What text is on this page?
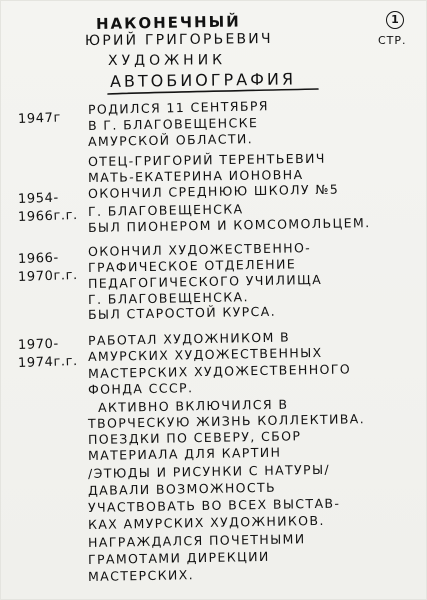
НАКОНЕЧНЫЙ
ЮРИЙ ГРИГОРЬЕВИЧ
ХУДОЖНИК
АВТОБИОГРАФИЯ
1
СТР.
1947г
РОДИЛСЯ 11 СЕНТЯБРЯ
В Г. БЛАГОВЕЩЕНСКЕ
АМУРСКОЙ ОБЛАСТИ.
ОТЕЦ-ГРИГОРИЙ ТЕРЕНТЬЕВИЧ
МАТЬ-ЕКАТЕРИНА ИОНОВНА
1954-
1966г.г.
ОКОНЧИЛ СРЕДНЮЮ ШКОЛУ №5
Г. БЛАГОВЕЩЕНСКА
БЫЛ ПИОНЕРОМ И КОМСОМОЛЬЦЕМ.
1966-
1970г.г.
ОКОНЧИЛ ХУДОЖЕСТВЕННО-
ГРАФИЧЕСКОЕ ОТДЕЛЕНИЕ
ПЕДАГОГИЧЕСКОГО УЧИЛИЩА
Г. БЛАГОВЕЩЕНСКА.
БЫЛ СТАРОСТОЙ КУРСА.
1970-
1974г.г.
РАБОТАЛ ХУДОЖНИКОМ В
АМУРСКИХ ХУДОЖЕСТВЕННЫХ
МАСТЕРСКИХ ХУДОЖЕСТВЕННОГО
ФОНДА СССР.
АКТИВНО ВКЛЮЧИЛСЯ В
ТВОРЧЕСКУЮ ЖИЗНЬ КОЛЛЕКТИВА.
ПОЕЗДКИ ПО СЕВЕРУ, СБОР
МАТЕРИАЛА ДЛЯ КАРТИН
/ЭТЮДЫ И РИСУНКИ С НАТУРЫ/
ДАВАЛИ ВОЗМОЖНОСТЬ
УЧАСТВОВАТЬ ВО ВСЕХ ВЫСТАВ-
КАХ АМУРСКИХ ХУДОЖНИКОВ.
НАГРАЖДАЛСЯ ПОЧЕТНЫМИ
ГРАМОТАМИ ДИРЕКЦИИ
МАСТЕРСКИХ.
